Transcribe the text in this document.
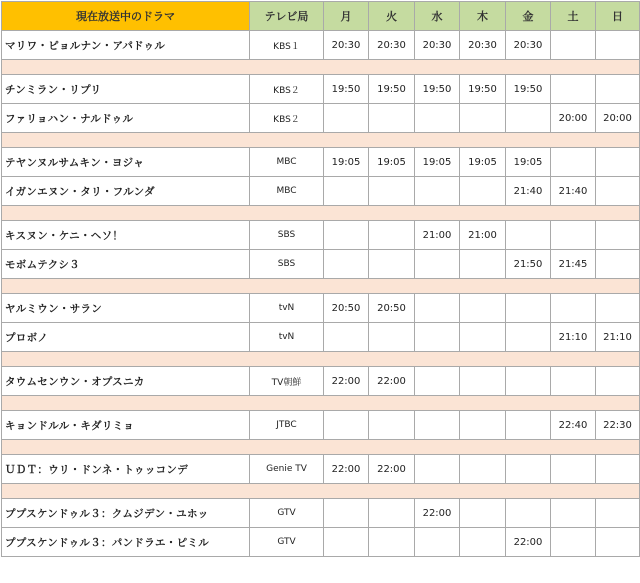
現在放送中のドラマ	テレビ局	月	火	水	木	金	土	日
マリワ・ピョルナン・アパドゥル	KBS１	20:30	20:30	20:30	20:30	20:30		

チンミラン・リプリ	KBS２	19:50	19:50	19:50	19:50	19:50		
ファリョハン・ナルドゥル	KBS２						20:00	20:00

テヤンヌルサムキン・ヨジャ	MBC	19:05	19:05	19:05	19:05	19:05		
イガンエヌン・タリ・フルンダ	MBC					21:40	21:40	

キスヌン・ケニ・ヘソ！	SBS			21:00	21:00			
モボムテクシ３	SBS					21:50	21:45	

ヤルミウン・サラン	tvN	20:50	20:50					
プロボノ	tvN						21:10	21:10

タウムセンウン・オプスニカ	TV朝鮮	22:00	22:00					

キョンドルル・キダリミョ	JTBC						22:40	22:30

ＵＤＴ：ウリ・ドンネ・トゥッコンデ	Genie TV	22:00	22:00					

ププスケンドゥル３：クムジデン・ユホッ	GTV			22:00				
ププスケンドゥル３：パンドラエ・ピミル	GTV					22:00		
